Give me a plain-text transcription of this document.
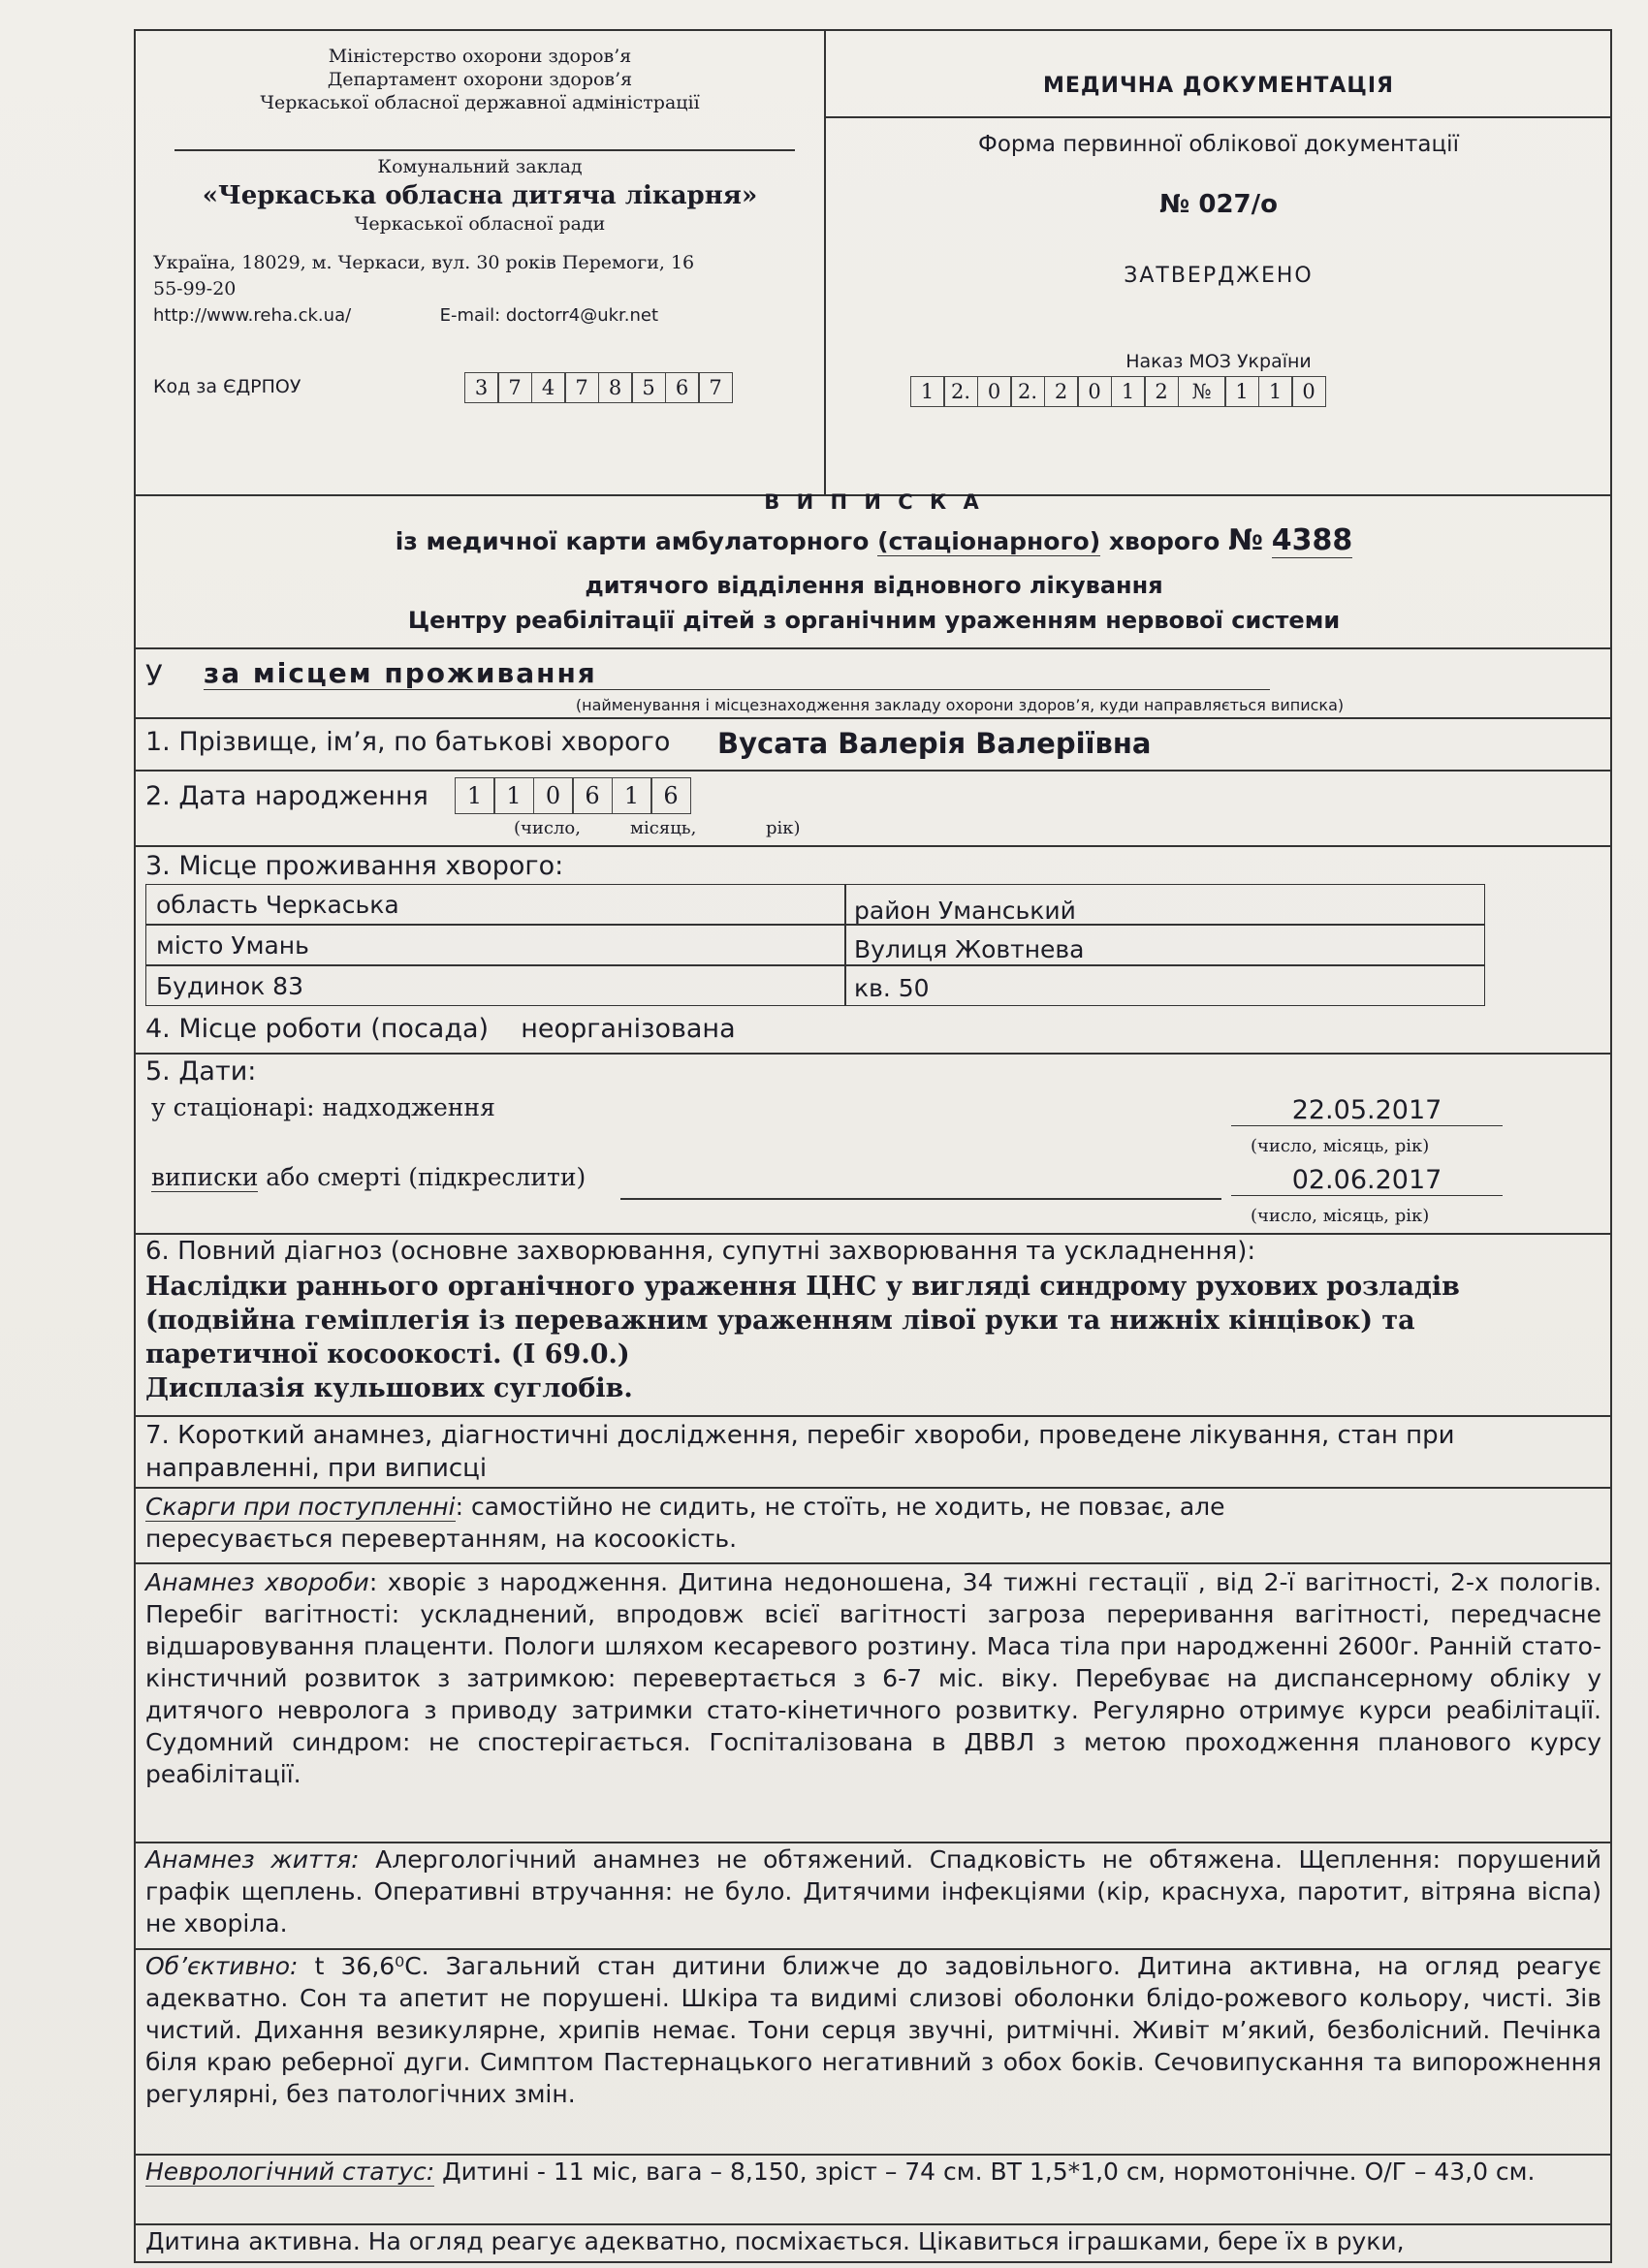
Міністерство охорони здоров’я
Департамент охорони здоров’я
Черкаської обласної державної адміністрації
Комунальний заклад
«Черкаська обласна дитяча лікарня»
Черкаської обласної ради
Україна, 18029, м. Черкаси, вул. 30 років Перемоги, 16
55-99-20
http://www.reha.ck.ua/	E-mail: doctorr4@ukr.net
Код за ЄДРПОУ	3	7	4	7	8	5	6	7
МЕДИЧНА ДОКУМЕНТАЦІЯ
Форма первинної облікової документації
№ 027/о
ЗАТВЕРДЖЕНО
Наказ МОЗ України
1 2. 0 2. 2	0	1	2	№	1	1	0
В И П И С К А
із медичної карти амбулаторного (стаціонарного) хворого № 4388
дитячого відділення відновного лікування
Центру реабілітації дітей з органічним ураженням нервової системи
У за місцем проживання
(найменування і місцезнаходження закладу охорони здоров’я, куди направляється виписка)
1. Прізвище, ім’я, по батькові хворого Вусата Валерія Валеріївна
2. Дата народження	1	1	0	6	1	6
(число,	місяць,	рік)
3. Місце проживання хворого:
область Черкаська	район Уманський
місто Умань	Вулиця Жовтнева
Будинок 83	кв. 50
4. Місце роботи (посада) неорганізована
5. Дати:
у стаціонарі: надходження	22.05.2017
(число, місяць, рік)
виписки або смерті (підкреслити)	02.06.2017
(число, місяць, рік)
6. Повний діагноз (основне захворювання, супутні захворювання та ускладнення):
Наслідки раннього органічного ураження ЦНС у вигляді синдрому рухових розладів
(подвійна геміплегія із переважним ураженням лівої руки та нижніх кінцівок) та
паретичної косоокості. (І 69.0.)
Дисплазія кульшових суглобів.
7. Короткий анамнез, діагностичні дослідження, перебіг хвороби, проведене лікування, стан при
направленні, при виписці
Скарги при поступленні: самостійно не сидить, не стоїть, не ходить, не повзає, але пересувається перевертанням, на косоокість.
Анамнез хвороби: хворіє з народження. Дитина недоношена, 34 тижні гестації , від 2-ї вагітності, 2-х пологів. Перебіг вагітності: ускладнений, впродовж всієї вагітності загроза переривання вагітності, передчасне відшаровування плаценти. Пологи шляхом кесаревого розтину. Маса тіла при народженні 2600г. Ранній стато-кінстичний розвиток з затримкою: перевертається з 6-7 міс. віку. Перебуває на диспансерному обліку у дитячого невролога з приводу затримки стато-кінетичного розвитку. Регулярно отримує курси реабілітації. Судомний синдром: не спостерігається. Госпіталізована в ДВВЛ з метою проходження планового курсу реабілітації.
Анамнез життя: Алергологічний анамнез не обтяжений. Спадковість не обтяжена. Щеплення: порушений графік щеплень. Оперативні втручання: не було. Дитячими інфекціями (кір, краснуха, паротит, вітряна віспа) не хворіла.
Об’єктивно: t 36,6⁰С. Загальний стан дитини ближче до задовільного. Дитина активна, на огляд реагує адекватно. Сон та апетит не порушені. Шкіра та видимі слизові оболонки блідо-рожевого кольору, чисті. Зів чистий. Дихання везикулярне, хрипів немає. Тони серця звучні, ритмічні. Живіт м’який, безболісний. Печінка біля краю реберної дуги. Симптом Пастернацького негативний з обох боків. Сечовипускання та випорожнення регулярні, без патологічних змін.
Неврологічний статус: Дитині - 11 міс, вага – 8,150, зріст – 74 см. ВТ 1,5*1,0 см, нормотонічне. О/Г – 43,0 см.
Дитина активна. На огляд реагує адекватно, посміхається. Цікавиться іграшками, бере їх в руки,
